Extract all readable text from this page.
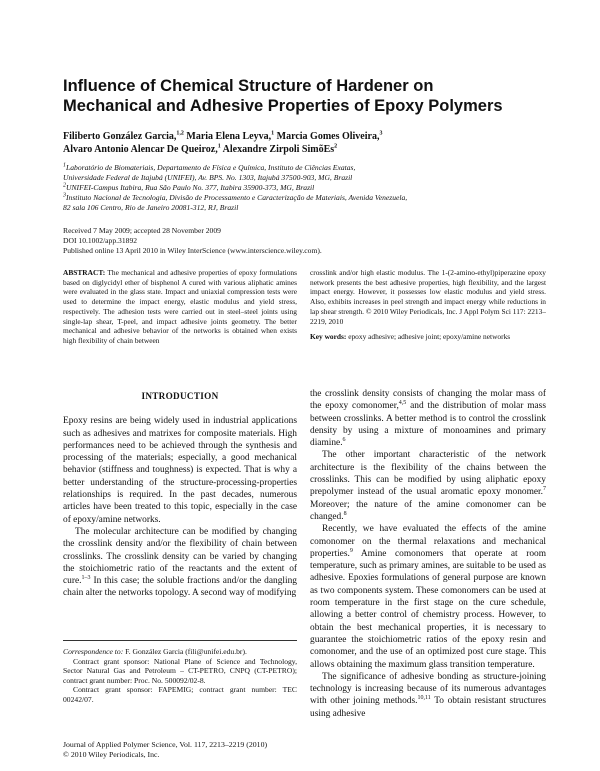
Influence of Chemical Structure of Hardener on
Mechanical and Adhesive Properties of Epoxy Polymers
Filiberto González Garcia,$^{1,2}$ Maria Elena Leyva,$^1$ Marcia Gomes Oliveira,$^3$
Alvaro Antonio Alencar De Queiroz,$^1$ Alexandre Zirpoli SimõEs$^2$

$^1$Laboratório de Biomateriais, Departamento de Física e Química, Instituto de Ciências Exatas,

Universidade Federal de Itajubá (UNIFEI), Av. BPS. No. 1303, Itajubá 37500-903, MG, Brazil

$^2$UNIFEI-Campus Itabira, Rua São Paulo No. 377, Itabira 35900-373, MG, Brazil

$^3$Instituto Nacional de Tecnologia, Divisão de Processamento e Caracterização de Materiais, Avenida Venezuela,

82 sala 106 Centro, Rio de Janeiro 20081-312, RJ, Brazil

Received 7 May 2009; accepted 28 November 2009

DOI 10.1002/app.31892

Published online 13 April 2010 in Wiley InterScience (www.interscience.wiley.com).

ABSTRACT: The mechanical and adhesive properties of epoxy formulations based on diglycidyl ether of bisphenol A cured with various aliphatic amines were evaluated in the glass state. Impact and uniaxial compression tests were used to determine the impact energy, elastic modulus and yield stress, respectively. The adhesion tests were carried out in steel–steel joints using single-lap shear, T-peel, and impact adhesive joints geometry. The better mechanical and adhesive behavior of the networks is obtained when exists high flexibility of chain between
crosslink and/or high elastic modulus. The 1-(2-amino-ethyl)piperazine epoxy network presents the best adhesive properties, high flexibility, and the largest impact energy. However, it possesses low elastic modulus and yield stress. Also, exhibits increases in peel strength and impact energy while reductions in lap shear strength. © 2010 Wiley Periodicals, Inc. J Appl Polym Sci 117: 2213–2219, 2010
Key words: epoxy adhesive; adhesive joint; epoxy/amine networks
INTRODUCTION

Epoxy resins are being widely used in industrial applications such as adhesives and matrixes for composite materials. High performances need to be achieved through the synthesis and processing of the materials; especially, a good mechanical behavior (stiffness and toughness) is expected. That is why a better understanding of the structure-processing-properties relationships is required. In the past decades, numerous articles have been treated to this topic, especially in the case of epoxy/amine networks.

The molecular architecture can be modified by changing the crosslink density and/or the flexibility of chain between crosslinks. The crosslink density can be varied by changing the stoichiometric ratio of the reactants and the extent of cure.$^{1-3}$ In this case; the soluble fractions and/or the dangling chain alter the networks topology. A second way of modifying

the crosslink density consists of changing the molar mass of the epoxy comonomer,$^{4,5}$ and the distribution of molar mass between crosslinks. A better method is to control the crosslink density by using a mixture of monoamines and primary diamine.$^6$

The other important characteristic of the network architecture is the flexibility of the chains between the crosslinks. This can be modified by using aliphatic epoxy prepolymer instead of the usual aromatic epoxy monomer.$^7$ Moreover; the nature of the amine comonomer can be changed.$^8$

Recently, we have evaluated the effects of the amine comonomer on the thermal relaxations and mechanical properties.$^9$ Amine comonomers that operate at room temperature, such as primary amines, are suitable to be used as adhesive. Epoxies formulations of general purpose are known as two components system. These comonomers can be used at room temperature in the first stage on the cure schedule, allowing a better control of chemistry process. However, to obtain the best mechanical properties, it is necessary to guarantee the stoichiometric ratios of the epoxy resin and comonomer, and the use of an optimized post cure stage. This allows obtaining the maximum glass transition temperature.

The significance of adhesive bonding as structure-joining technology is increasing because of its numerous advantages with other joining methods.$^{10,11}$ To obtain resistant structures using adhesive

Correspondence to: F. González Garcia (fili@unifei.edu.br).

Contract grant sponsor: National Plane of Science and Technology, Sector Natural Gas and Petroleum – CT-PETRO, CNPQ (CT-PETRO); contract grant number: Proc. No. 500092/02-8.

Contract grant sponsor: FAPEMIG; contract grant number: TEC 00242/07.

Journal of Applied Polymer Science, Vol. 117, 2213–2219 (2010)
© 2010 Wiley Periodicals, Inc.
